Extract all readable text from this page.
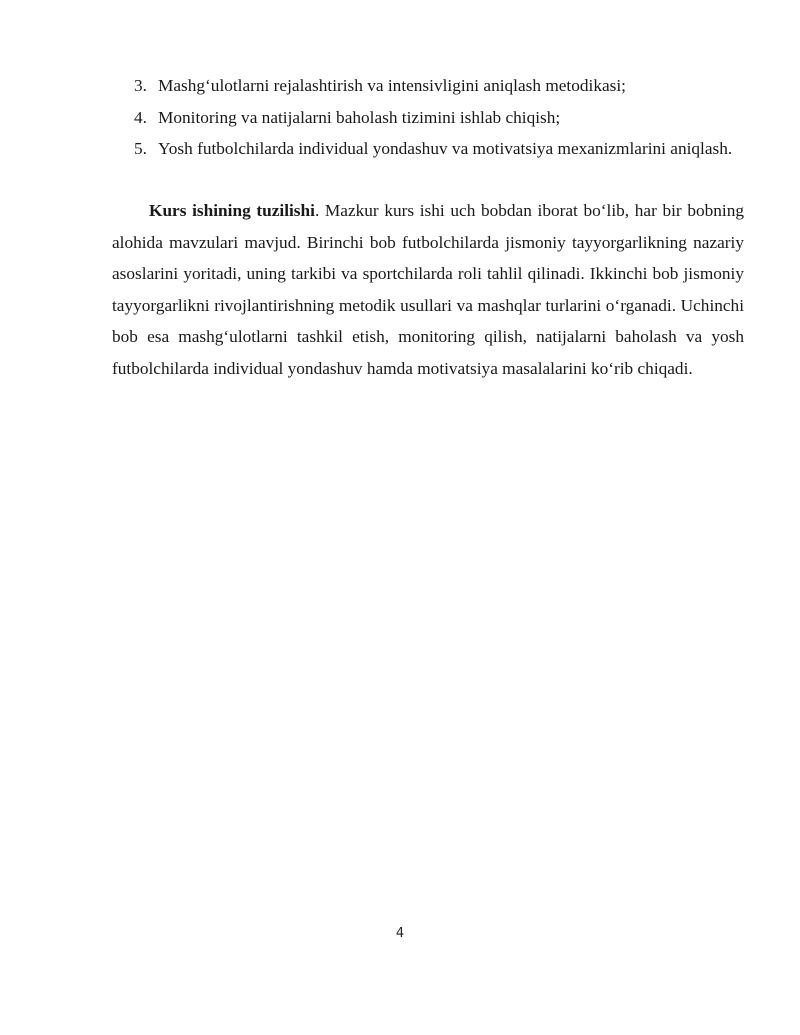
3. Mashg‘ulotlarni rejalashtirish va intensivligini aniqlash metodikasi;
4. Monitoring va natijalarni baholash tizimini ishlab chiqish;
5. Yosh futbolchilarda individual yondashuv va motivatsiya mexanizmlarini aniqlash.

Kurs ishining tuzilishi. Mazkur kurs ishi uch bobdan iborat bo‘lib, har bir bobning alohida mavzulari mavjud. Birinchi bob futbolchilarda jismoniy tayyorgarlikning nazariy asoslarini yoritadi, uning tarkibi va sportchilarda roli tahlil qilinadi. Ikkinchi bob jismoniy tayyorgarlikni rivojlantirishning metodik usullari va mashqlar turlarini o‘rganadi. Uchinchi bob esa mashg‘ulotlarni tashkil etish, monitoring qilish, natijalarni baholash va yosh futbolchilarda individual yondashuv hamda motivatsiya masalalarini ko‘rib chiqadi.

4
